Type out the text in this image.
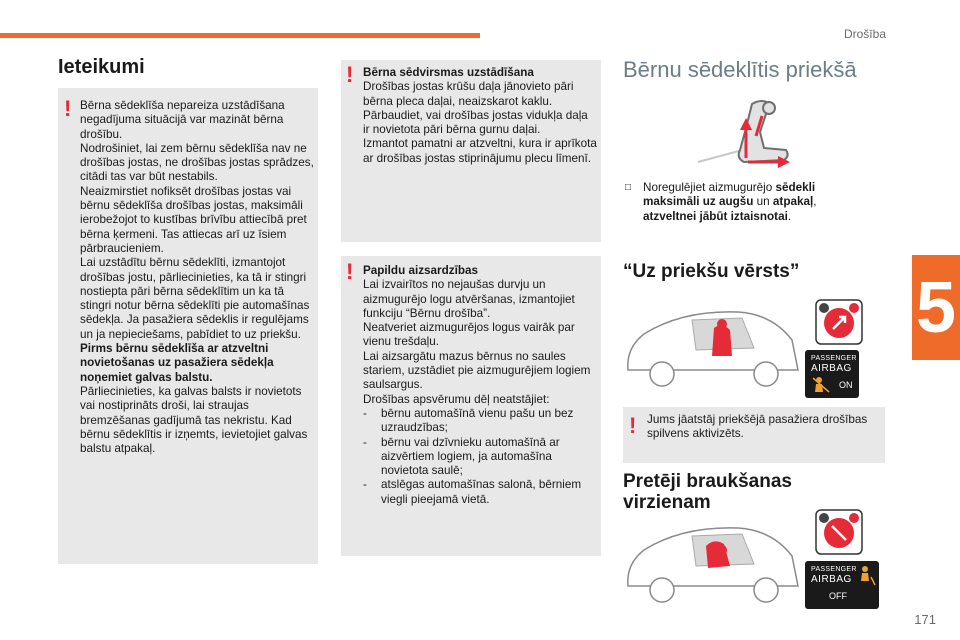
Drošība
5
171
Ieteikumi
! Bērna sēdeklīša nepareiza uzstādīšana negadījuma situācijā var mazināt bērna drošību.

Nodrošiniet, lai zem bērnu sēdeklīša nav ne drošības jostas, ne drošības jostas sprādzes, citādi tas var būt nestabils.

Neaizmirstiet nofiksēt drošības jostas vai bērnu sēdeklīša drošības jostas, maksimāli ierobežojot to kustības brīvību attiecībā pret bērna ķermeni. Tas attiecas arī uz īsiem pārbraucieniem.

Lai uzstādītu bērnu sēdeklīti, izmantojot drošības jostu, pārliecinieties, ka tā ir stingri nostiepta pāri bērna sēdeklītim un ka tā stingri notur bērna sēdeklīti pie automašīnas sēdekļa. Ja pasažiera sēdeklis ir regulējams un ja nepieciešams, pabīdiet to uz priekšu.

Pirms bērnu sēdeklīša ar atzveltni novietošanas uz pasažiera sēdekļa noņemiet galvas balstu.

Pārliecinieties, ka galvas balsts ir novietots vai nostiprināts droši, lai straujas bremzēšanas gadījumā tas nekristu. Kad bērnu sēdeklītis ir izņemts, ievietojiet galvas balstu atpakaļ.

! Bērna sēdvirsmas uzstādīšana

Drošības jostas krūšu daļa jānovieto pāri bērna pleca daļai, neaizskarot kaklu.
Pārbaudiet, vai drošības jostas vidukļa daļa ir novietota pāri bērna gurnu daļai.
Izmantot pamatni ar atzveltni, kura ir aprīkota ar drošības jostas stiprinājumu plecu līmenī.

! Papildu aizsardzības

Lai izvairītos no nejaušas durvju un aizmugurējo logu atvēršanas, izmantojiet funkciju “Bērnu drošība”.
Neatveriet aizmugurējos logus vairāk par vienu trešdaļu.
Lai aizsargātu mazus bērnus no saules stariem, uzstādiet pie aizmugurējiem logiem saulsargus.
Drošības apsvērumu dēļ neatstājiet:

-	bērnu automašīnā vienu pašu un bez uzraudzības;
-	bērnu vai dzīvnieku automašīnā ar aizvērtiem logiem, ja automašīna novietota saulē;
-	atslēgas automašīnas salonā, bērniem viegli pieejamā vietā.
Bērnu sēdeklītis priekšā
□	Noregulējiet aizmugurējo sēdekli maksimāli uz augšu un atpakaļ, atzveltnei jābūt iztaisnotai.
“Uz priekšu vērsts”
PASSENGER
AIRBAG
ON
! Jums jāatstāj priekšējā pasažiera drošības spilvens aktivizēts.
Pretēji braukšanas virzienam
PASSENGER
AIRBAG
OFF
